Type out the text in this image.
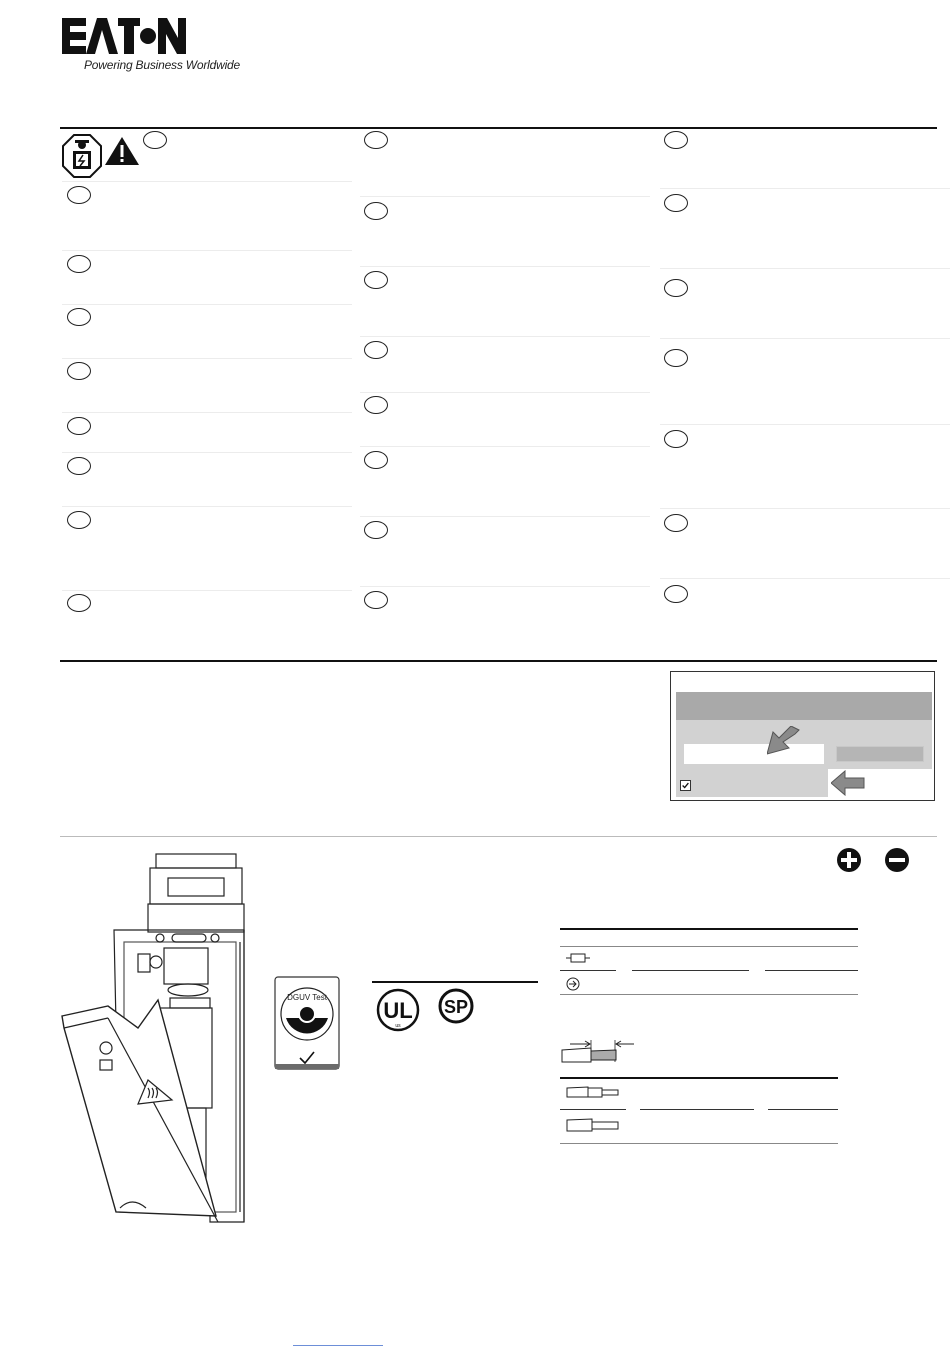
Powering Business Worldwide
DGUV Test
UL
us
SP
